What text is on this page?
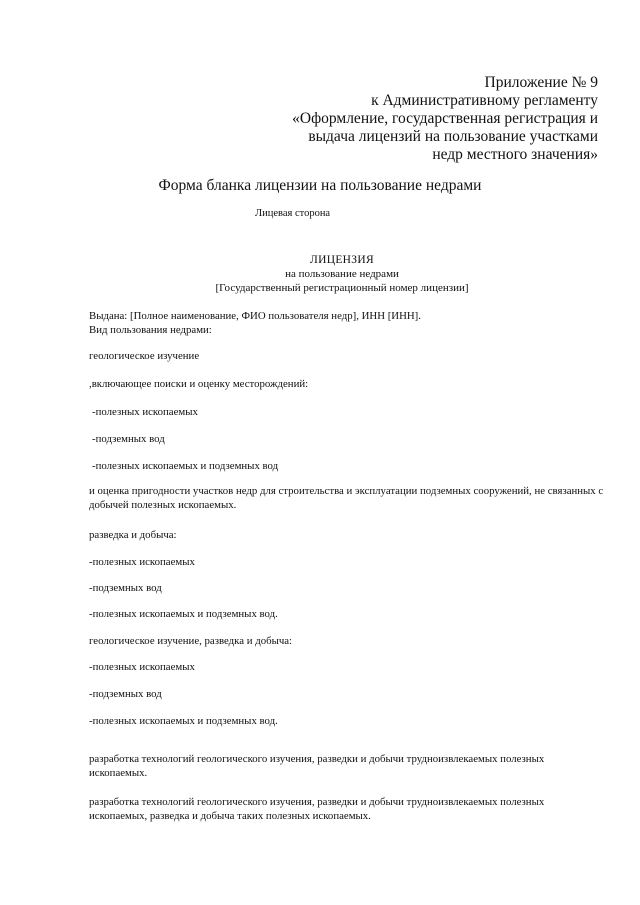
Приложение № 9
к Административному регламенту
«Оформление, государственная регистрация и
выдача лицензий на пользование участками
недр местного значения»
Форма бланка лицензии на пользование недрами
Лицевая сторона
ЛИЦЕНЗИЯ
на пользование недрами
[Государственный регистрационный номер лицензии]
Выдана: [Полное наименование, ФИО пользователя недр], ИНН [ИНН].
Вид пользования недрами:
геологическое изучение
,включающее поиски и оценку месторождений:
-полезных ископаемых
-подземных вод
-полезных ископаемых и подземных вод
и оценка пригодности участков недр для строительства и эксплуатации подземных сооружений, не связанных с добычей полезных ископаемых.
разведка и добыча:
-полезных ископаемых
-подземных вод
-полезных ископаемых и подземных вод.
геологическое изучение, разведка и добыча:
-полезных ископаемых
-подземных вод
-полезных ископаемых и подземных вод.
разработка технологий геологического изучения, разведки и добычи трудноизвлекаемых полезных ископаемых.
разработка технологий геологического изучения, разведки и добычи трудноизвлекаемых полезных ископаемых, разведка и добыча таких полезных ископаемых.
